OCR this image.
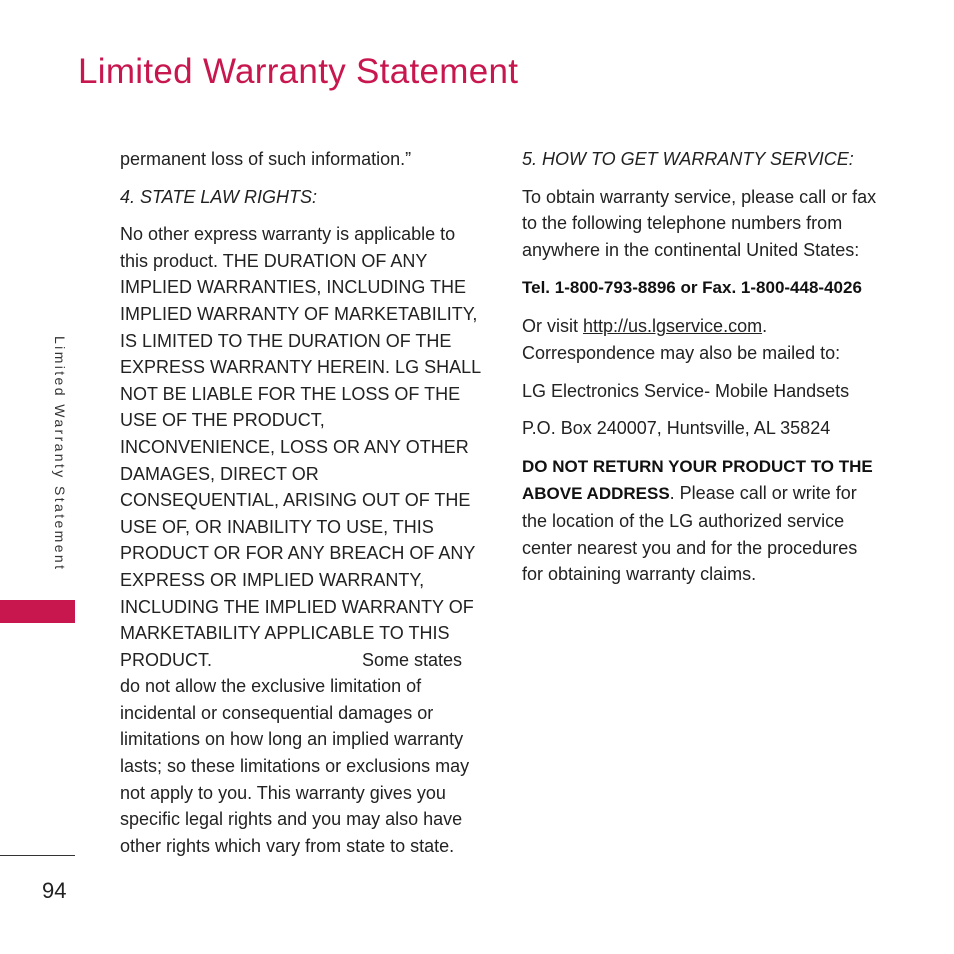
Limited Warranty Statement
Limited Warranty Statement
94

permanent loss of such information.”

4. STATE LAW RIGHTS:

No other express warranty is applicable to this product. THE DURATION OF ANY IMPLIED WARRANTIES, INCLUDING THE IMPLIED WARRANTY OF MARKETABILITY, IS LIMITED TO THE DURATION OF THE EXPRESS WARRANTY HEREIN. LG SHALL NOT BE LIABLE FOR THE LOSS OF THE USE OF THE PRODUCT, INCONVENIENCE, LOSS OR ANY OTHER DAMAGES, DIRECT OR CONSEQUENTIAL, ARISING OUT OF THE USE OF, OR INABILITY TO USE, THIS PRODUCT OR FOR ANY BREACH OF ANY EXPRESS OR IMPLIED WARRANTY, INCLUDING THE IMPLIED WARRANTY OF MARKETABILITY APPLICABLE TO THIS PRODUCT.	Some states do not allow the exclusive limitation of incidental or consequential damages or limitations on how long an implied warranty lasts; so these limitations or exclusions may not apply to you. This warranty gives you specific legal rights and you may also have other rights which vary from state to state.

5. HOW TO GET WARRANTY SERVICE:

To obtain warranty service, please call or fax to the following telephone numbers from anywhere in the continental United States:

Tel. 1-800-793-8896 or Fax. 1-800-448-4026

Or visit http://us.lgservice.com. Correspondence may also be mailed to:

LG Electronics Service- Mobile Handsets

P.O. Box 240007, Huntsville, AL 35824

DO NOT RETURN YOUR PRODUCT TO THE ABOVE ADDRESS. Please call or write for the location of the LG authorized service center nearest you and for the procedures for obtaining warranty claims.
